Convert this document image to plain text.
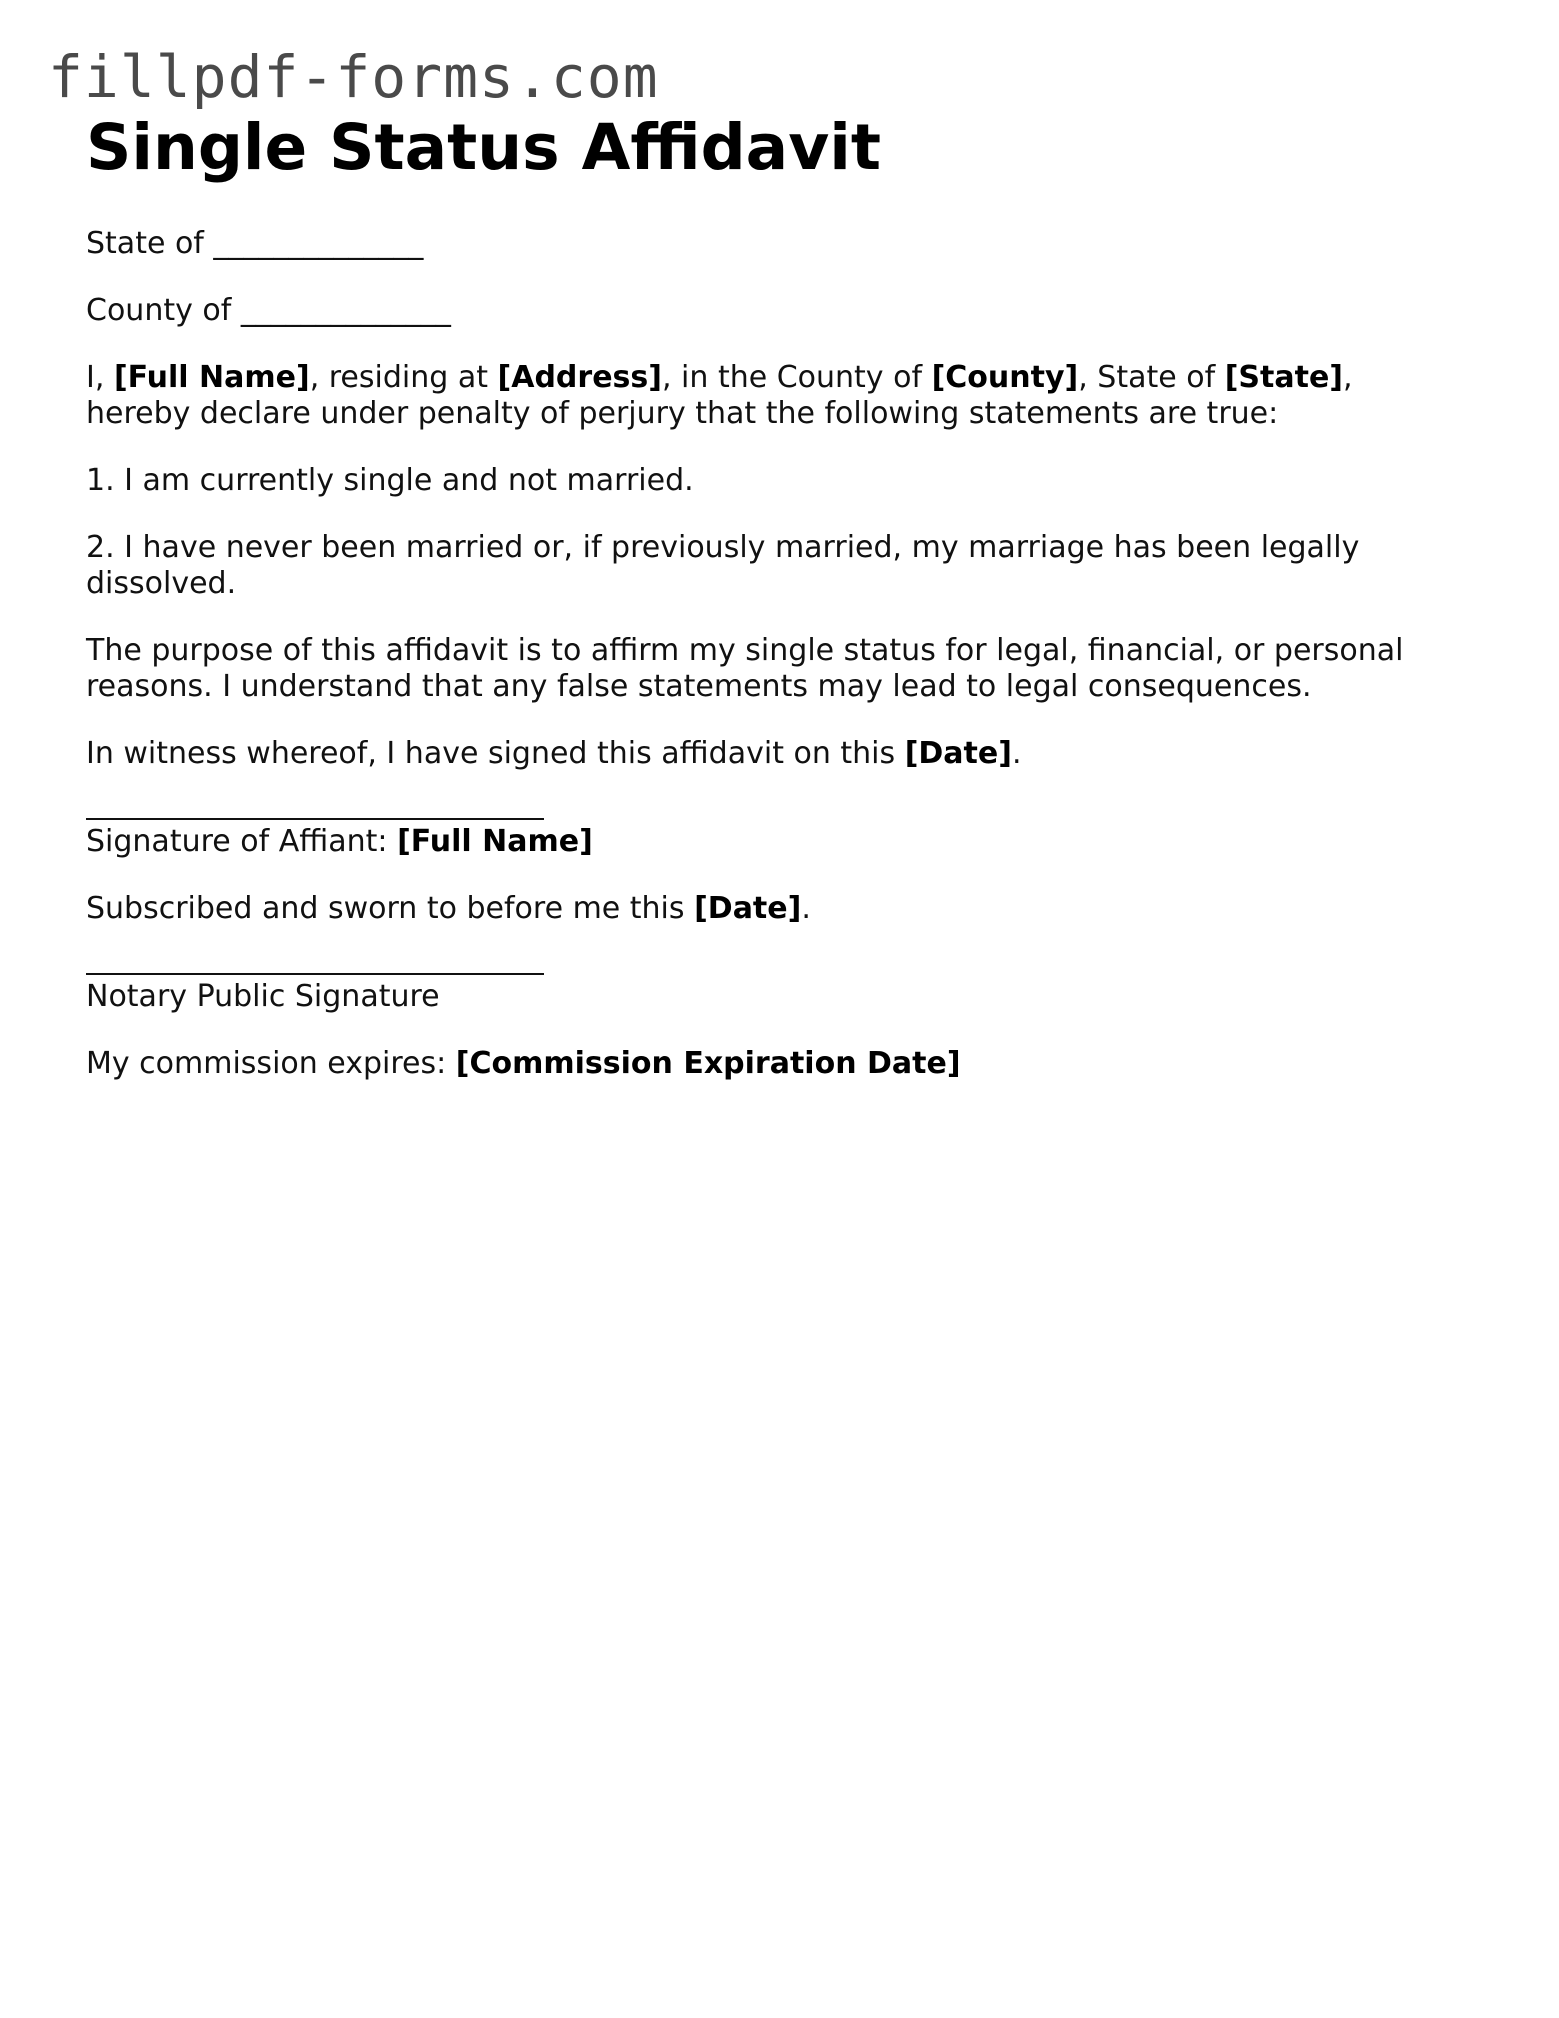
fillpdf-forms.com
Single Status Affidavit

State of ______________

County of ______________

I, [Full Name], residing at [Address], in the County of [County], State of [State], hereby declare under penalty of perjury that the following statements are true:

1. I am currently single and not married.

2. I have never been married or, if previously married, my marriage has been legally dissolved.

The purpose of this affidavit is to affirm my single status for legal, financial, or personal reasons. I understand that any false statements may lead to legal consequences.

In witness whereof, I have signed this affidavit on this [Date].

Signature of Affiant: [Full Name]

Subscribed and sworn to before me this [Date].

Notary Public Signature

My commission expires: [Commission Expiration Date]
